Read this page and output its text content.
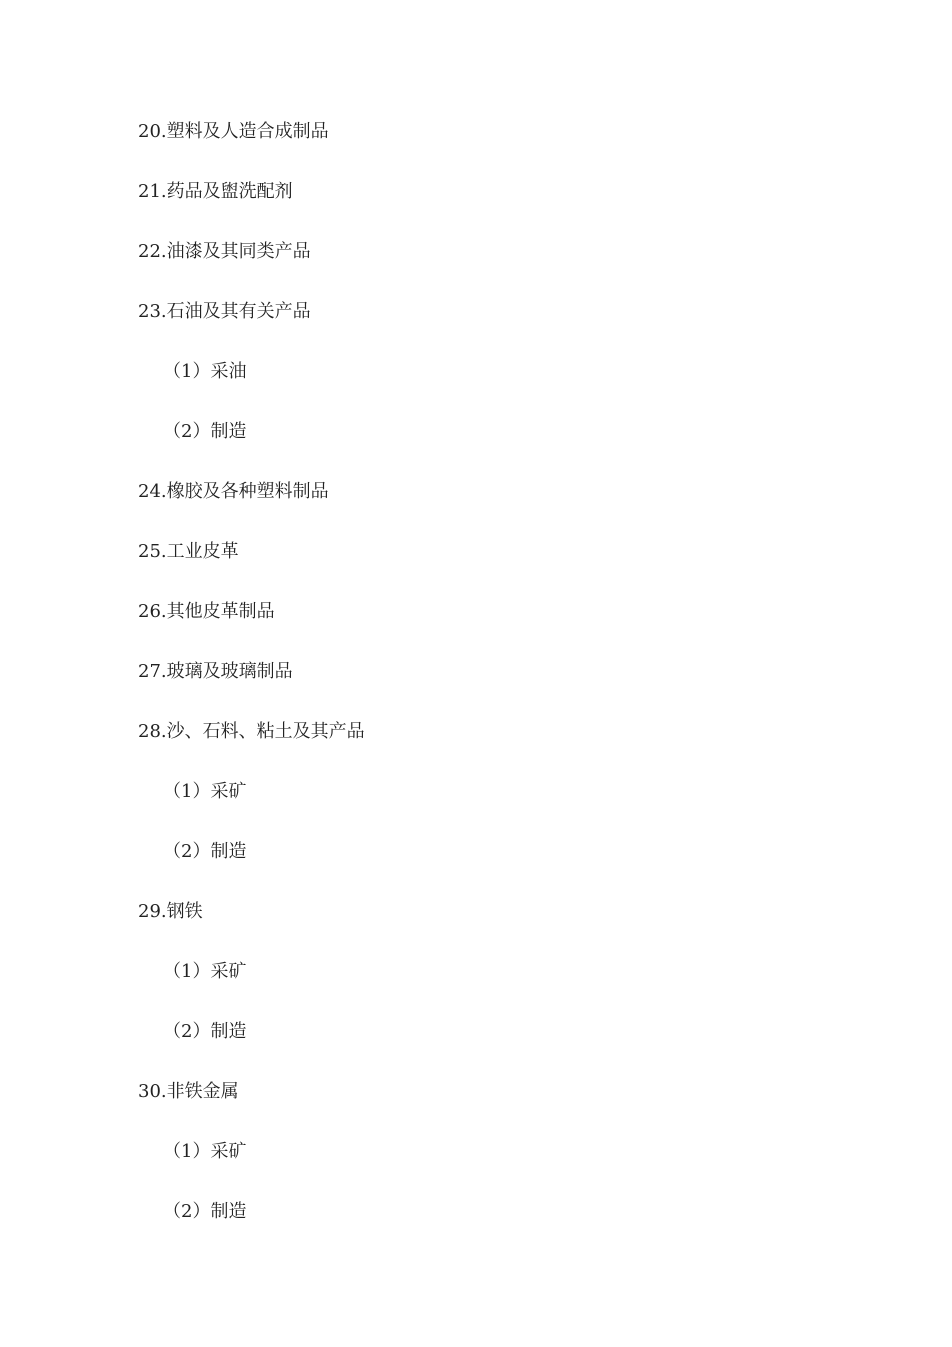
20.塑料及人造合成制品
21.药品及盥洗配剂
22.油漆及其同类产品
23.石油及其有关产品
（1）采油
（2）制造
24.橡胶及各种塑料制品
25.工业皮革
26.其他皮革制品
27.玻璃及玻璃制品
28.沙、石料、粘土及其产品
（1）采矿
（2）制造
29.钢铁
（1）采矿
（2）制造
30.非铁金属
（1）采矿
（2）制造
